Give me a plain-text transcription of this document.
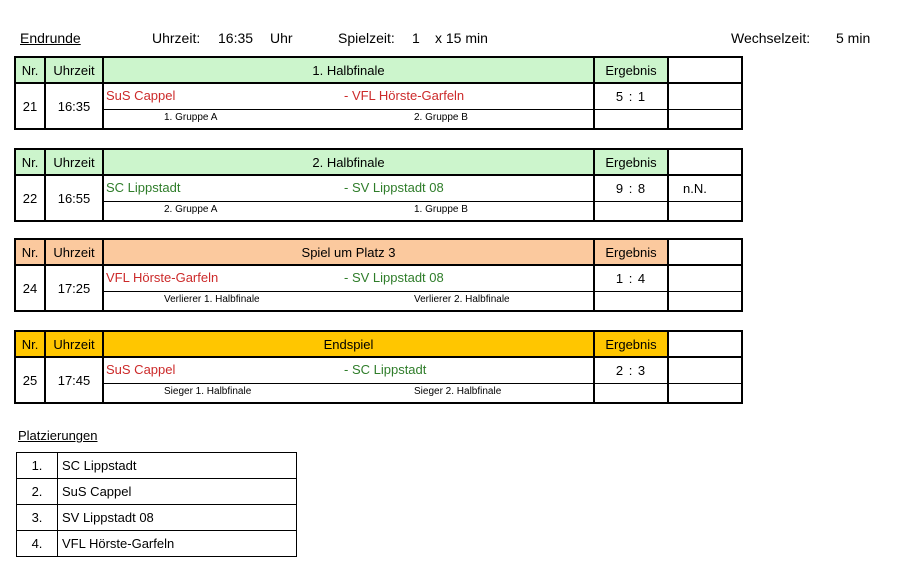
Endrunde	Uhrzeit: 16:35 Uhr	Spielzeit: 1 x 15 min	Wechselzeit: 5 min
Nr.	Uhrzeit	1. Halbfinale	Ergebnis	
21	16:35	SuS Cappel - VFL Hörste-Garfeln	5 : 1	

		1. Gruppe A 2. Gruppe B		

Nr.	Uhrzeit	2. Halbfinale	Ergebnis	
22	16:55	SC Lippstadt - SV Lippstadt 08	9 : 8	n.N.

		2. Gruppe A 1. Gruppe B		

Nr.	Uhrzeit	Spiel um Platz 3	Ergebnis	
24	17:25	VFL Hörste-Garfeln - SV Lippstadt 08	1 : 4	

		Verlierer 1. Halbfinale Verlierer 2. Halbfinale		

Nr.	Uhrzeit	Endspiel	Ergebnis	
25	17:45	SuS Cappel - SC Lippstadt	2 : 3	

		Sieger 1. Halbfinale Sieger 2. Halbfinale		

Platzierungen
1.	SC Lippstadt
2.	SuS Cappel
3.	SV Lippstadt 08
4.	VFL Hörste-Garfeln
